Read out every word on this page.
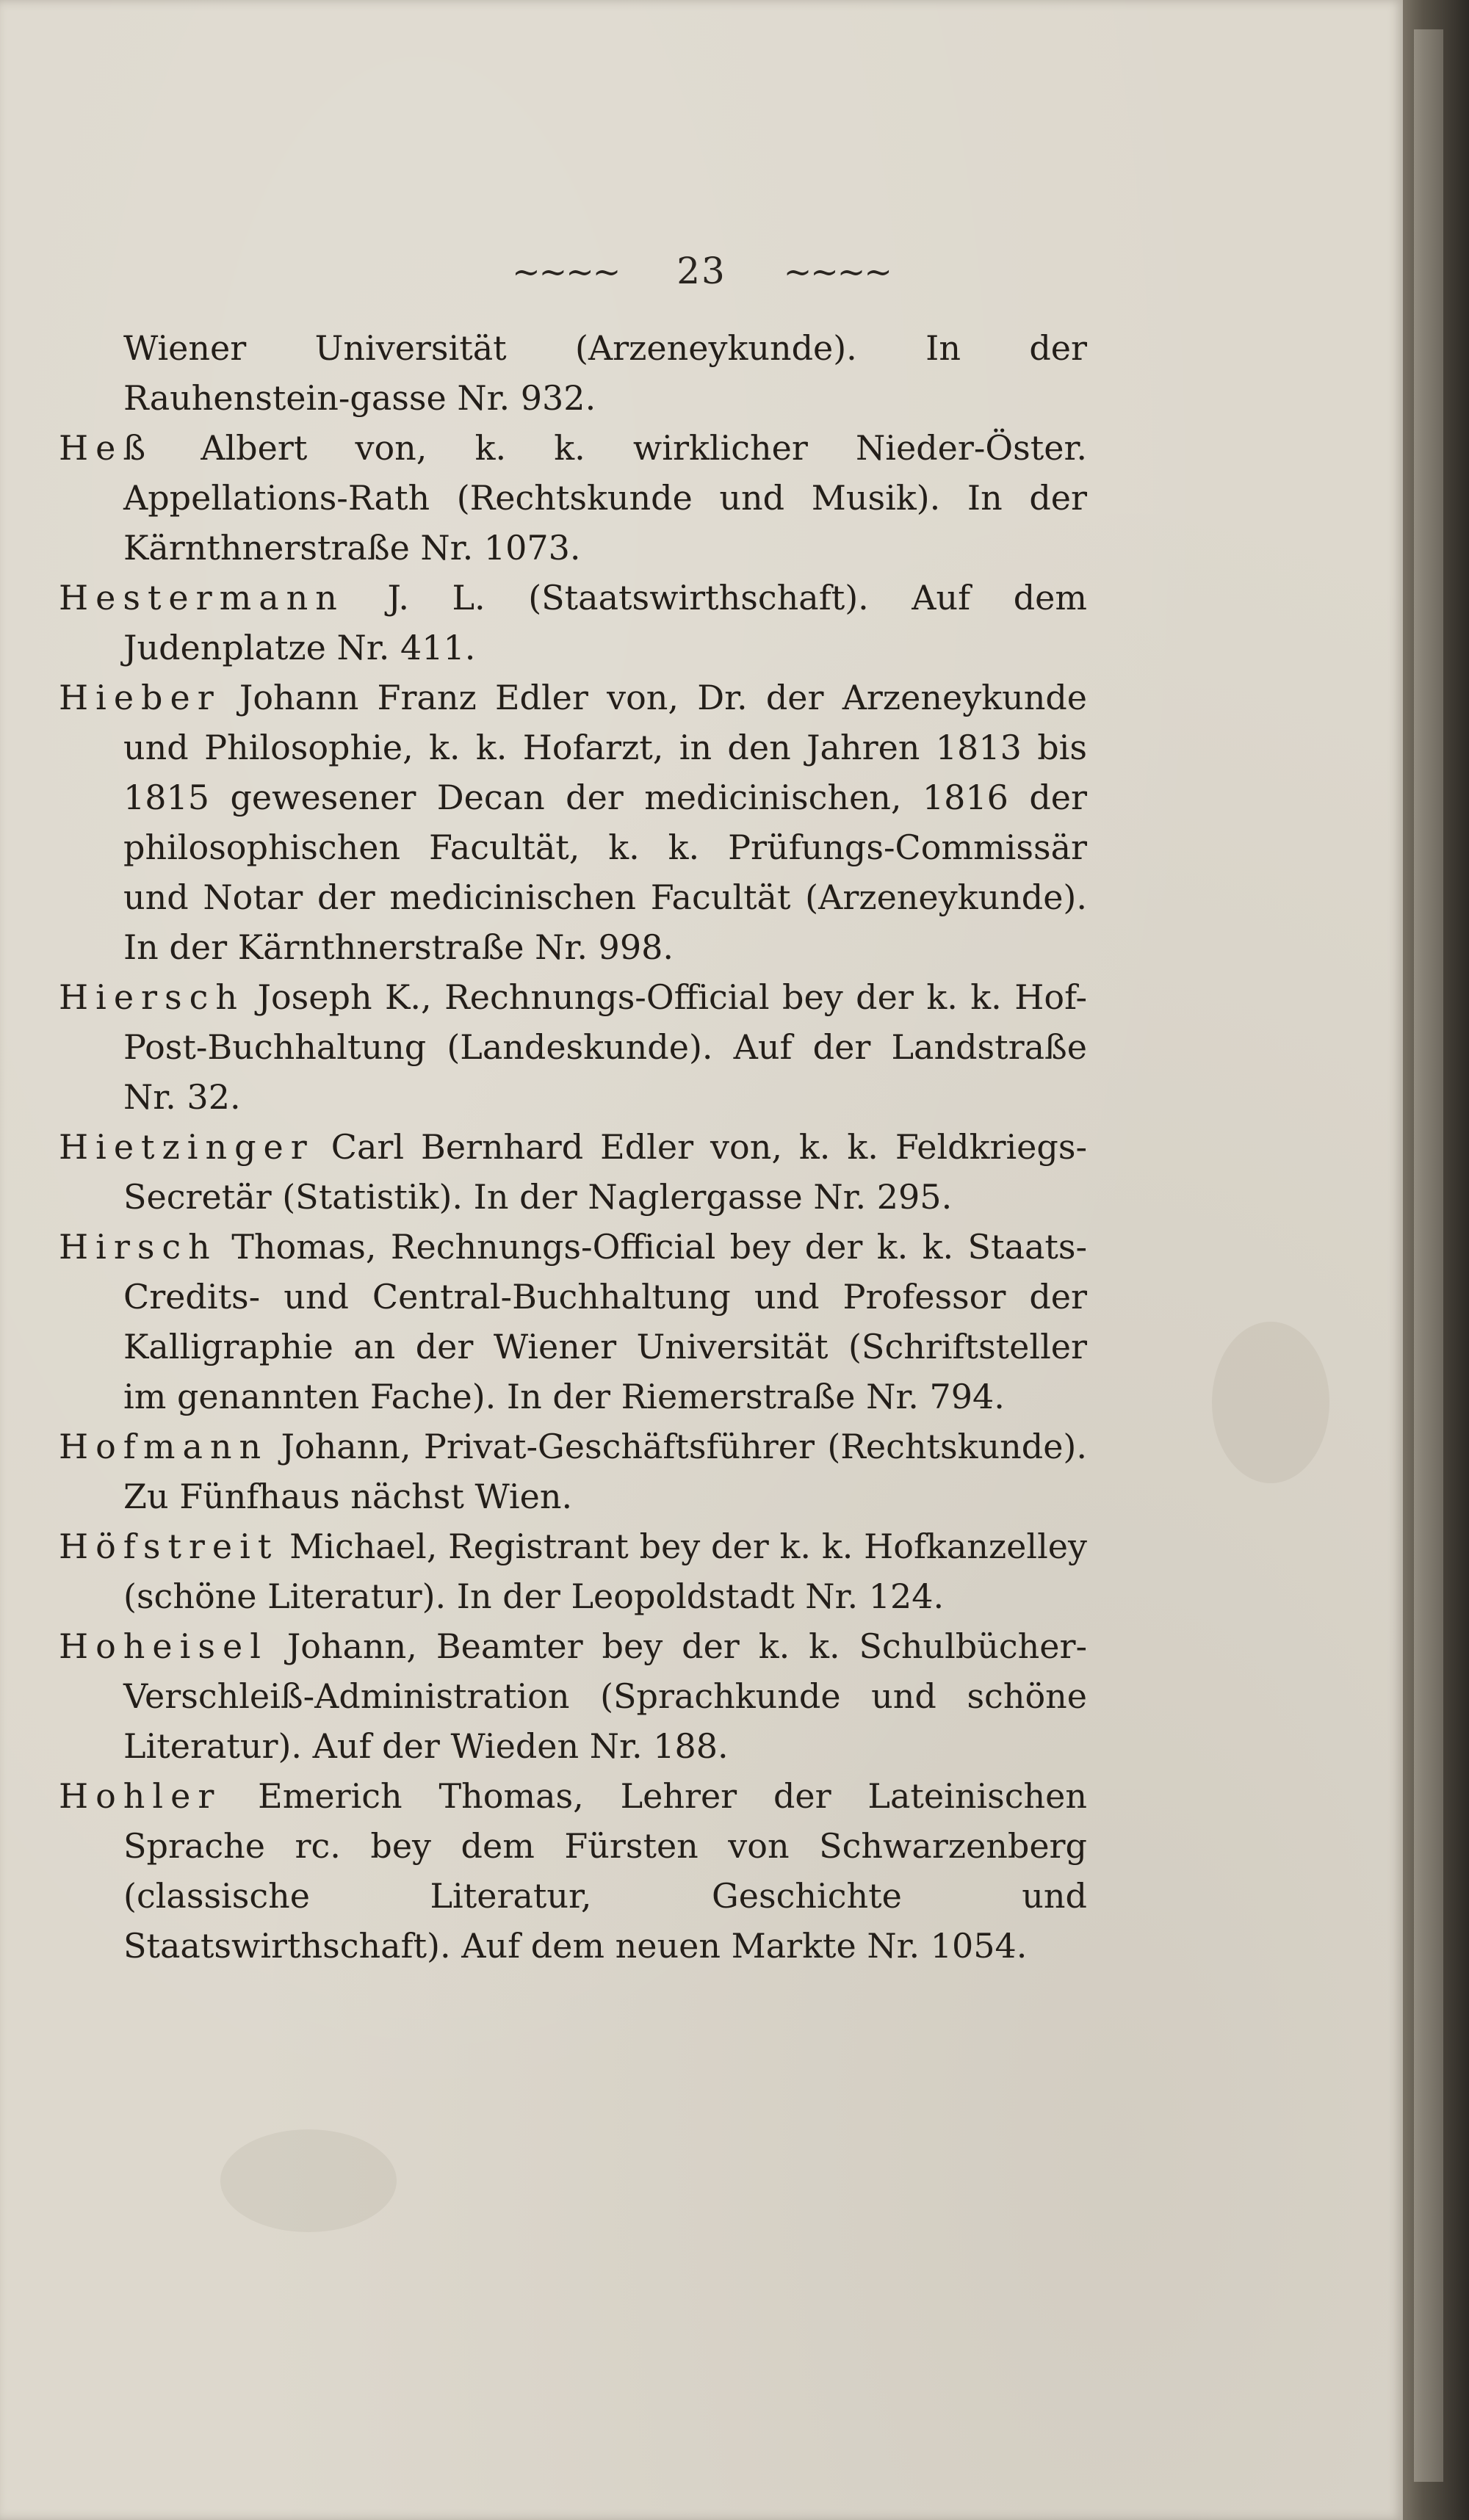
~~~~ 23 ~~~~

Wiener Universität (Arzeneykunde). In der Rauhenstein-gasse Nr. 932.

Heß Albert von, k. k. wirklicher Nieder-Öster. Appellations-Rath (Rechtskunde und Musik). In der Kärnthnerstraße Nr. 1073.

Hestermann J. L. (Staatswirthschaft). Auf dem Judenplatze Nr. 411.

Hieber Johann Franz Edler von, Dr. der Arzeneykunde und Philosophie, k. k. Hofarzt, in den Jahren 1813 bis 1815 gewesener Decan der medicinischen, 1816 der philosophischen Facultät, k. k. Prüfungs-Commissär und Notar der medicinischen Facultät (Arzeneykunde). In der Kärnthnerstraße Nr. 998.

Hiersch Joseph K., Rechnungs-Official bey der k. k. Hof-Post-Buchhaltung (Landeskunde). Auf der Landstraße Nr. 32.

Hietzinger Carl Bernhard Edler von, k. k. Feldkriegs-Secretär (Statistik). In der Naglergasse Nr. 295.

Hirsch Thomas, Rechnungs-Official bey der k. k. Staats-Credits- und Central-Buchhaltung und Professor der Kalligraphie an der Wiener Universität (Schriftsteller im genannten Fache). In der Riemerstraße Nr. 794.

Hofmann Johann, Privat-Geschäftsführer (Rechtskunde). Zu Fünfhaus nächst Wien.

Höfstreit Michael, Registrant bey der k. k. Hofkanzelley (schöne Literatur). In der Leopoldstadt Nr. 124.

Hoheisel Johann, Beamter bey der k. k. Schulbücher-Verschleiß-Administration (Sprachkunde und schöne Literatur). Auf der Wieden Nr. 188.

Hohler Emerich Thomas, Lehrer der Lateinischen Sprache rc. bey dem Fürsten von Schwarzenberg (classische Literatur, Geschichte und Staatswirthschaft). Auf dem neuen Markte Nr. 1054.
